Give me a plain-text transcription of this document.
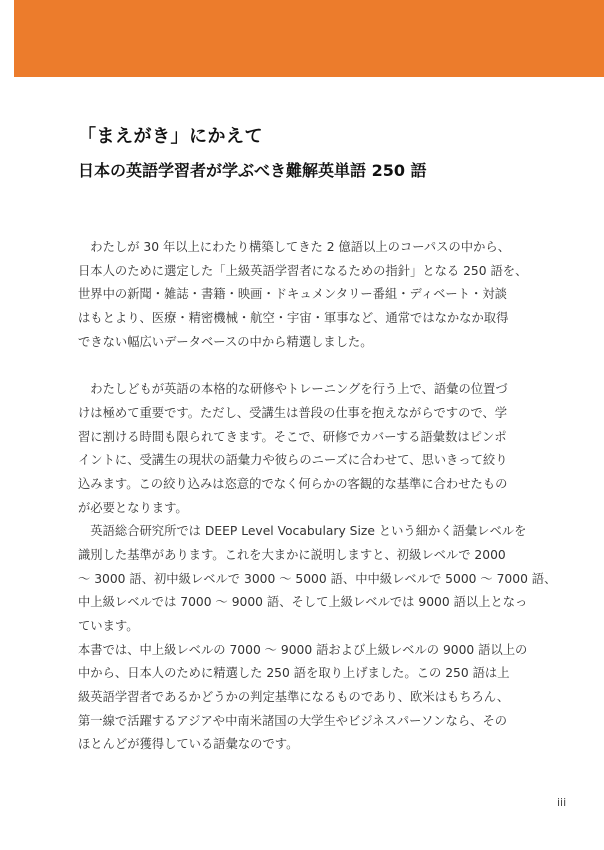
「まえがき」にかえて
日本の英語学習者が学ぶべき難解英単語 250 語
　わたしが 30 年以上にわたり構築してきた 2 億語以上のコーパスの中から、
日本人のために選定した「上級英語学習者になるための指針」となる 250 語を、
世界中の新聞・雑誌・書籍・映画・ドキュメンタリー番組・ディベート・対談
はもとより、医療・精密機械・航空・宇宙・軍事など、通常ではなかなか取得
できない幅広いデータベースの中から精選しました。
　わたしどもが英語の本格的な研修やトレーニングを行う上で、語彙の位置づ
けは極めて重要です。ただし、受講生は普段の仕事を抱えながらですので、学
習に割ける時間も限られてきます。そこで、研修でカバーする語彙数はピンポ
イントに、受講生の現状の語彙力や彼らのニーズに合わせて、思いきって絞り
込みます。この絞り込みは恣意的でなく何らかの客観的な基準に合わせたもの
が必要となります。
　英語総合研究所では DEEP Level Vocabulary Size という細かく語彙レベルを
識別した基準があります。これを大まかに説明しますと、初級レベルで 2000
～ 3000 語、初中級レベルで 3000 ～ 5000 語、中中級レベルで 5000 ～ 7000 語、
中上級レベルでは 7000 ～ 9000 語、そして上級レベルでは 9000 語以上となっ
ています。
本書では、中上級レベルの 7000 ～ 9000 語および上級レベルの 9000 語以上の
中から、日本人のために精選した 250 語を取り上げました。この 250 語は上
級英語学習者であるかどうかの判定基準になるものであり、欧米はもちろん、
第一線で活躍するアジアや中南米諸国の大学生やビジネスパーソンなら、その
ほとんどが獲得している語彙なのです。
iii
